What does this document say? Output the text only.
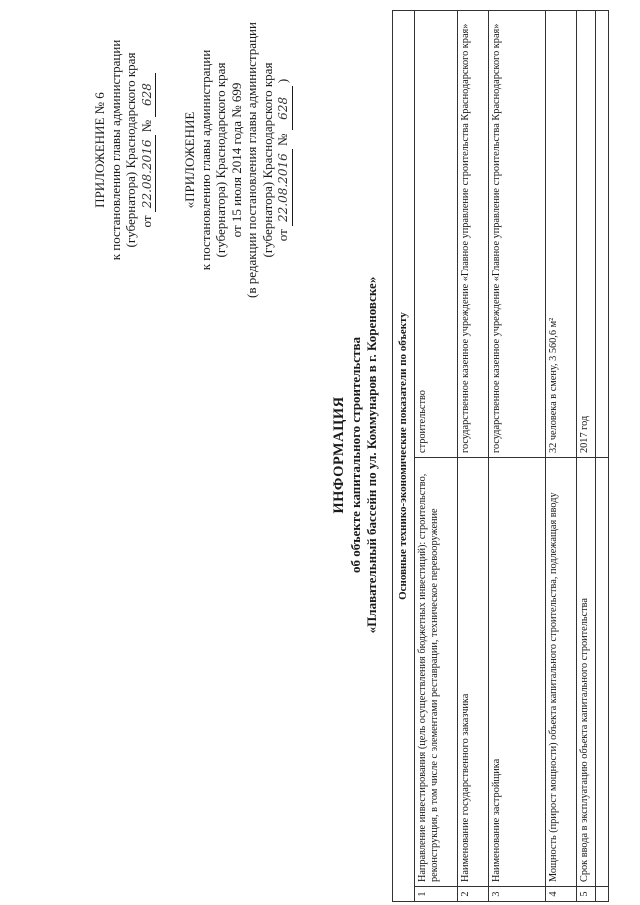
ПРИЛОЖЕНИЕ № 6 к постановлению главы администрации (губернатора) Краснодарского края от 22.08.2016 № 628
«ПРИЛОЖЕНИЕ к постановлению главы администрации (губернатора) Краснодарского края от 15 июля 2014 года № 699 (в редакции постановления главы администрации (губернатора) Краснодарского края от 22.08.2016 № 628 )
ИНФОРМАЦИЯ об объекте капитального строительства «Плавательный бассейн по ул. Коммунаров в г. Кореновске» Основные технико-экономические показатели по объекту		
1	Направление инвестирования (цель осуществления бюджетных инвестиций): строительство, реконструкция, в том числе с элементами реставрации, техническое перевооружение	строительство
2	Наименование государственного заказчика	государственное казенное учреждение «Главное управление строительства Краснодарского края»
3	Наименование застройщика	государственное казенное учреждение «Главное управление строительства Краснодарского края»
4	Мощность (прирост мощности) объекта капитального строительства, подлежащая вводу	32 человека в смену, 3 560,6 м²
5	Срок ввода в эксплуатацию объекта капитального строительства	2017 год
